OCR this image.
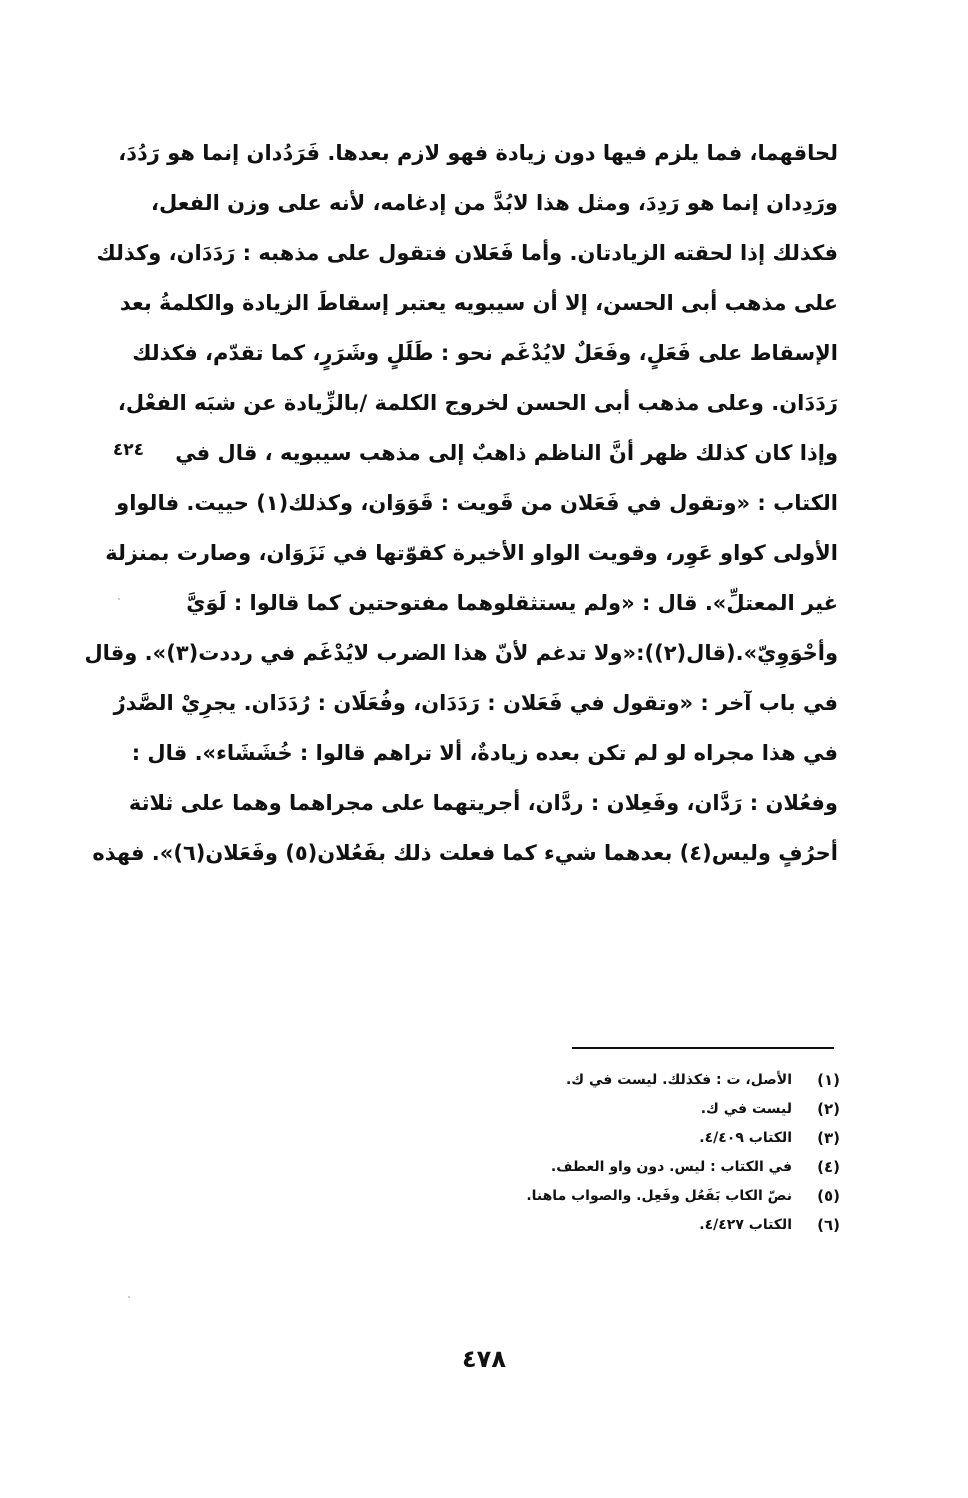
لحاقهما، فما يلزم فيها دون زيادة فهو لازم بعدها. فَرَدُدان إنما هو رَدُدَ،
ورَدِدان إنما هو رَدِدَ، ومثل هذا لابُدَّ من إدغامه، لأنه على وزن الفعل،
فكذلك إذا لحقته الزيادتان. وأما فَعَلان فتقول على مذهبه : رَدَدَان، وكذلك
على مذهب أبى الحسن، إلا أن سيبويه يعتبر إسقاطَ الزيادة والكلمةُ بعد
الإسقاط على فَعَلٍ، وفَعَلٌ لايُدْغَم نحو : طَلَلٍ وشَرَرٍ، كما تقدّم، فكذلك
رَدَدَان. وعلى مذهب أبى الحسن لخروج الكلمة /بالزِّيادة عن شبَه الفعْل،
وإذا كان كذلك ظهر أنَّ الناظم ذاهبٌ إلى مذهب سيبويه ، قال في
الكتاب : «وتقول في فَعَلان من قَويت : قَوَوَان، وكذلك(١) حييت. فالواو
الأولى كواو عَوِر، وقويت الواو الأخيرة كقوّتها في نَزَوَان، وصارت بمنزلة
غير المعتلِّ». قال : «ولم يستثقلوهما مفتوحتين كما قالوا : لَوَيَّ
وأحْوَوِيّ».(قال(٢)):«ولا تدغم لأنّ هذا الضرب لايُدْغَم في رددت(٣)». وقال
في باب آخر : «وتقول في فَعَلان : رَدَدَان، وفُعَلَان : رُدَدَان. يجرِيْ الصَّدرُ
في هذا مجراه لو لم تكن بعده زيادةٌ، ألا تراهم قالوا : خُشَشَاء». قال :
وفعُلان : رَدَّان، وفَعِلان : ردَّان، أجريتهما على مجراهما وهما على ثلاثة
أحرُفٍ وليس(٤) بعدهما شيء كما فعلت ذلك بفَعُلان(٥) وفَعَلان(٦)». فهذه
٤٢٤
(١)
الأصل، ت : فكذلك. ليست في ك.
(٢)
ليست في ك.
(٣)
الكتاب ٤/٤٠٩.
(٤)
في الكتاب : ليس. دون واو العطف.
(٥)
نصّ الكاب بَفَعُل وفَعِل. والصواب ماهنا.
(٦)
الكتاب ٤/٤٢٧.
٤٧٨
